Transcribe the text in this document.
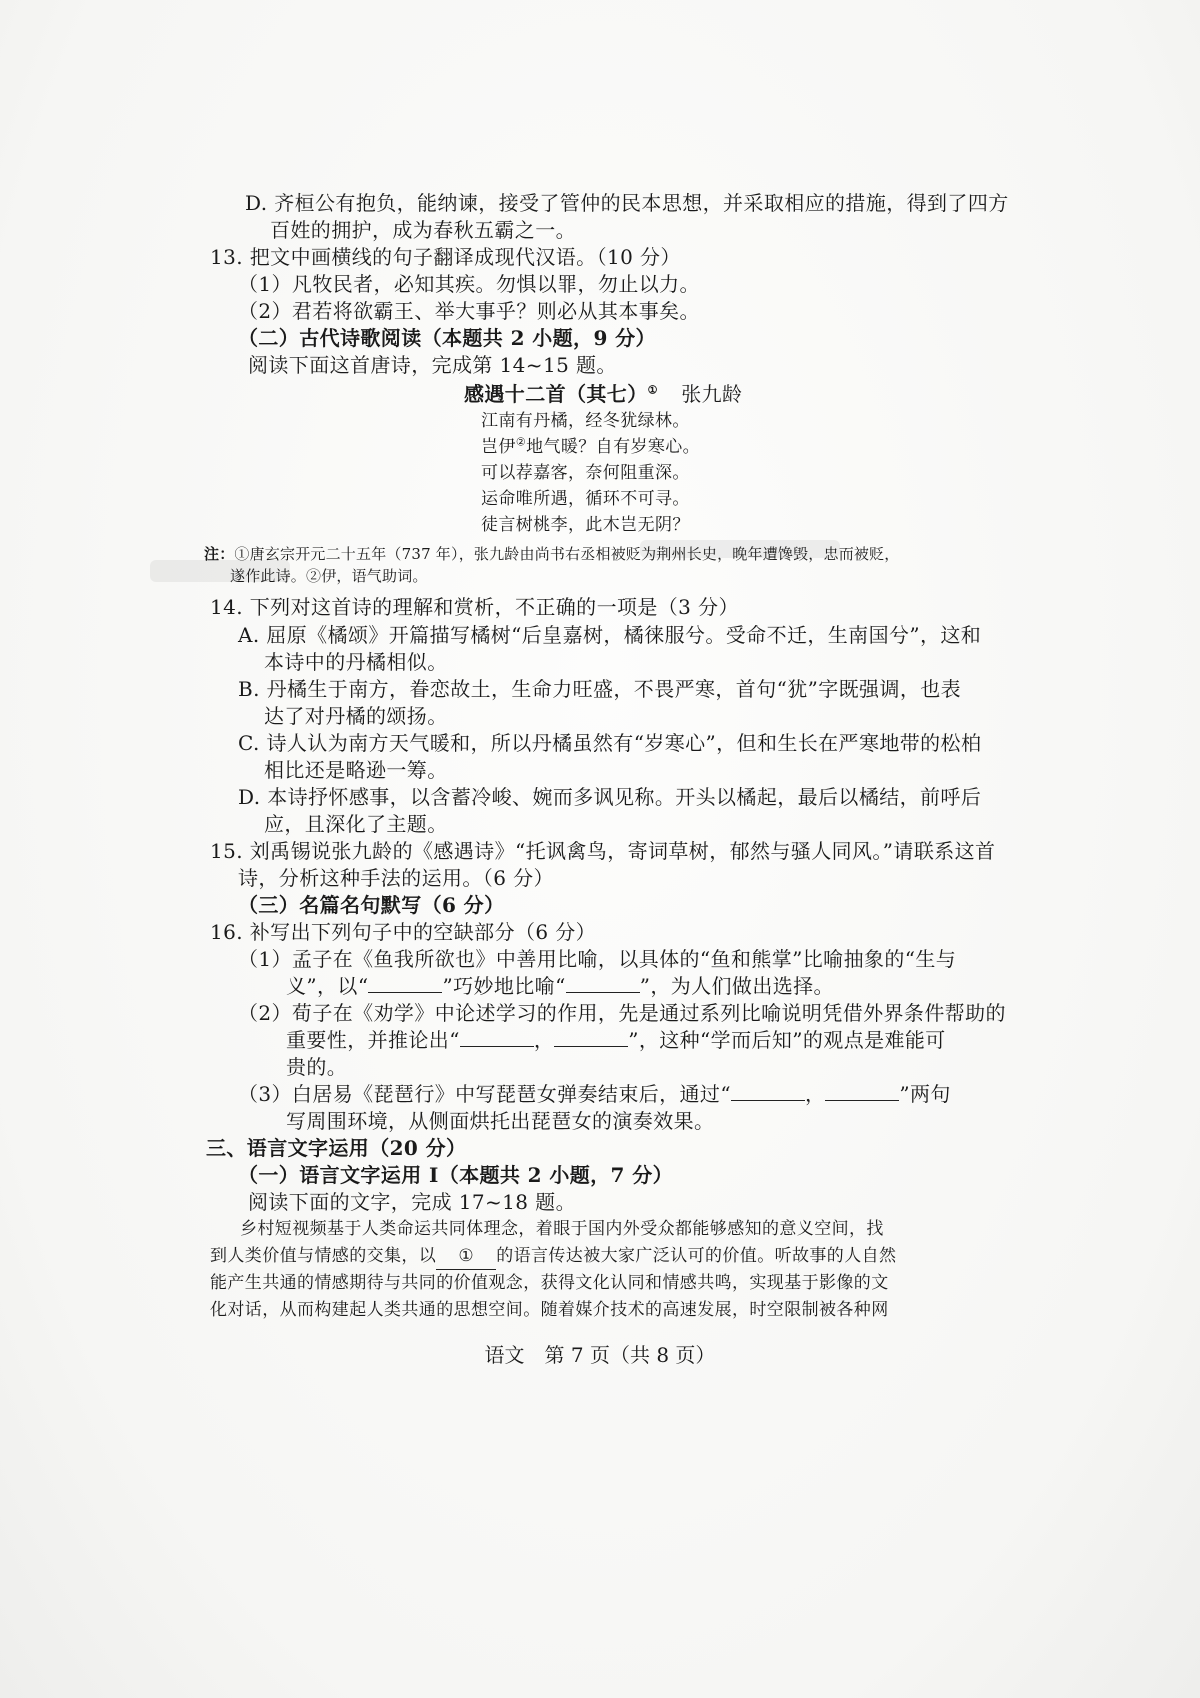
D. 齐桓公有抱负，能纳谏，接受了管仲的民本思想，并采取相应的措施，得到了四方
百姓的拥护，成为春秋五霸之一。
13. 把文中画横线的句子翻译成现代汉语。（10 分）
（1）凡牧民者，必知其疾。勿惧以罪，勿止以力。
（2）君若将欲霸王、举大事乎？则必从其本事矣。
（二）古代诗歌阅读（本题共 2 小题，9 分）
阅读下面这首唐诗，完成第 14~15 题。
感遇十二首（其七）① 张九龄
江南有丹橘，经冬犹绿林。
岂伊②地气暖？自有岁寒心。
可以荐嘉客，奈何阻重深。
运命唯所遇，循环不可寻。
徒言树桃李，此木岂无阴？
注：①唐玄宗开元二十五年（737 年），张九龄由尚书右丞相被贬为荆州长史，晚年遭馋毁，忠而被贬，
遂作此诗。②伊，语气助词。
14. 下列对这首诗的理解和赏析，不正确的一项是（3 分）
A. 屈原《橘颂》开篇描写橘树“后皇嘉树，橘徕服兮。受命不迁，生南国兮”，这和
本诗中的丹橘相似。
B. 丹橘生于南方，眷恋故土，生命力旺盛，不畏严寒，首句“犹”字既强调，也表
达了对丹橘的颂扬。
C. 诗人认为南方天气暖和，所以丹橘虽然有“岁寒心”，但和生长在严寒地带的松柏
相比还是略逊一筹。
D. 本诗抒怀感事，以含蓄冷峻、婉而多讽见称。开头以橘起，最后以橘结，前呼后
应，且深化了主题。
15. 刘禹锡说张九龄的《感遇诗》“托讽禽鸟，寄词草树，郁然与骚人同风。”请联系这首
诗，分析这种手法的运用。（6 分）
（三）名篇名句默写（6 分）
16. 补写出下列句子中的空缺部分（6 分）
（1）孟子在《鱼我所欲也》中善用比喻，以具体的“鱼和熊掌”比喻抽象的“生与
义”，以“	”巧妙地比喻“	”，为人们做出选择。
（2）荀子在《劝学》中论述学习的作用，先是通过系列比喻说明凭借外界条件帮助的
重要性，并推论出“	，	”，这种“学而后知”的观点是难能可
贵的。
（3）白居易《琵琶行》中写琵琶女弹奏结束后，通过“	，	”两句
写周围环境，从侧面烘托出琵琶女的演奏效果。
三、语言文字运用（20 分）
（一）语言文字运用 Ⅰ（本题共 2 小题，7 分）
阅读下面的文字，完成 17~18 题。
乡村短视频基于人类命运共同体理念，着眼于国内外受众都能够感知的意义空间，找
到人类价值与情感的交集，以 ① 的语言传达被大家广泛认可的价值。听故事的人自然
能产生共通的情感期待与共同的价值观念，获得文化认同和情感共鸣，实现基于影像的文
化对话，从而构建起人类共通的思想空间。随着媒介技术的高速发展，时空限制被各种网
语文　第 7 页（共 8 页）
